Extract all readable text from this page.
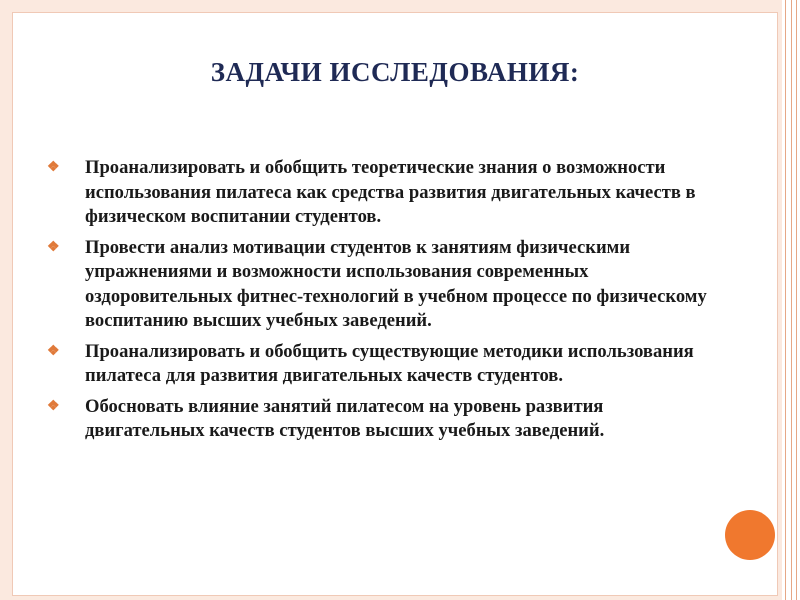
ЗАДАЧИ ИССЛЕДОВАНИЯ:
❖ Проанализировать и обобщить теоретические знания о возможности использования пилатеса как средства развития двигательных качеств в физическом воспитании студентов.
❖ Провести анализ мотивации студентов к занятиям физическими упражнениями и возможности использования современных оздоровительных фитнес-технологий в учебном процессе по физическому воспитанию высших учебных заведений.
❖ Проанализировать и обобщить существующие методики использования пилатеса для развития двигательных качеств студентов.
❖ Обосновать влияние занятий пилатесом на уровень развития двигательных качеств студентов высших учебных заведений.
